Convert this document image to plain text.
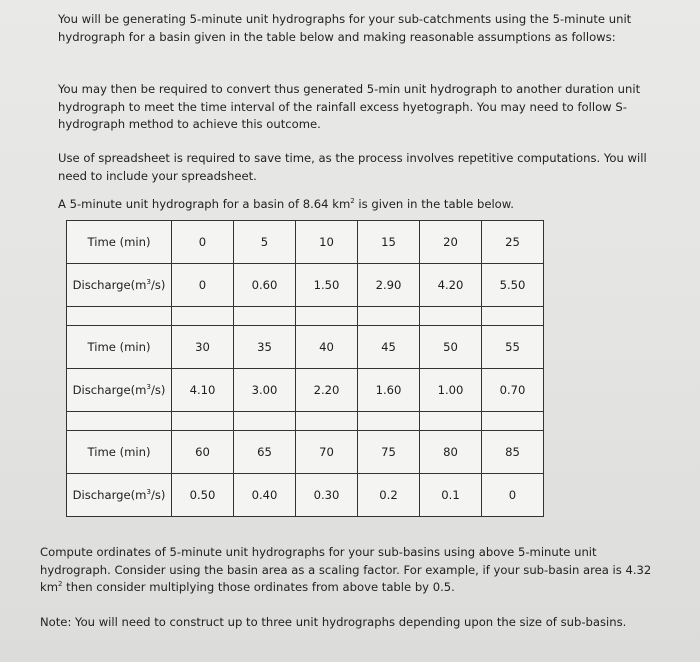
You will be generating 5-minute unit hydrographs for your sub-catchments using the 5-minute unit hydrograph for a basin given in the table below and making reasonable assumptions as follows:

You may then be required to convert thus generated 5-min unit hydrograph to another duration unit hydrograph to meet the time interval of the rainfall excess hyetograph. You may need to follow S-hydrograph method to achieve this outcome.

Use of spreadsheet is required to save time, as the process involves repetitive computations. You will need to include your spreadsheet.

A 5-minute unit hydrograph for a basin of 8.64 $km^2$ is given in the table below.

Time (min)	0	5	10	15	20	25
$Discharge(m^3/s)$	0	0.60	1.50	2.90	4.20	5.50

Time (min)	30	35	40	45	50	55
$Discharge(m^3/s)$	4.10	3.00	2.20	1.60	1.00	0.70

Time (min)	60	65	70	75	80	85
$Discharge(m^3/s)$	0.50	0.40	0.30	0.2	0.1	0

Compute ordinates of 5-minute unit hydrographs for your sub-basins using above 5-minute unit hydrograph. Consider using the basin area as a scaling factor. For example, if your sub-basin area is 4.32 $km^2$ then consider multiplying those ordinates from above table by 0.5.

Note: You will need to construct up to three unit hydrographs depending upon the size of sub-basins.
